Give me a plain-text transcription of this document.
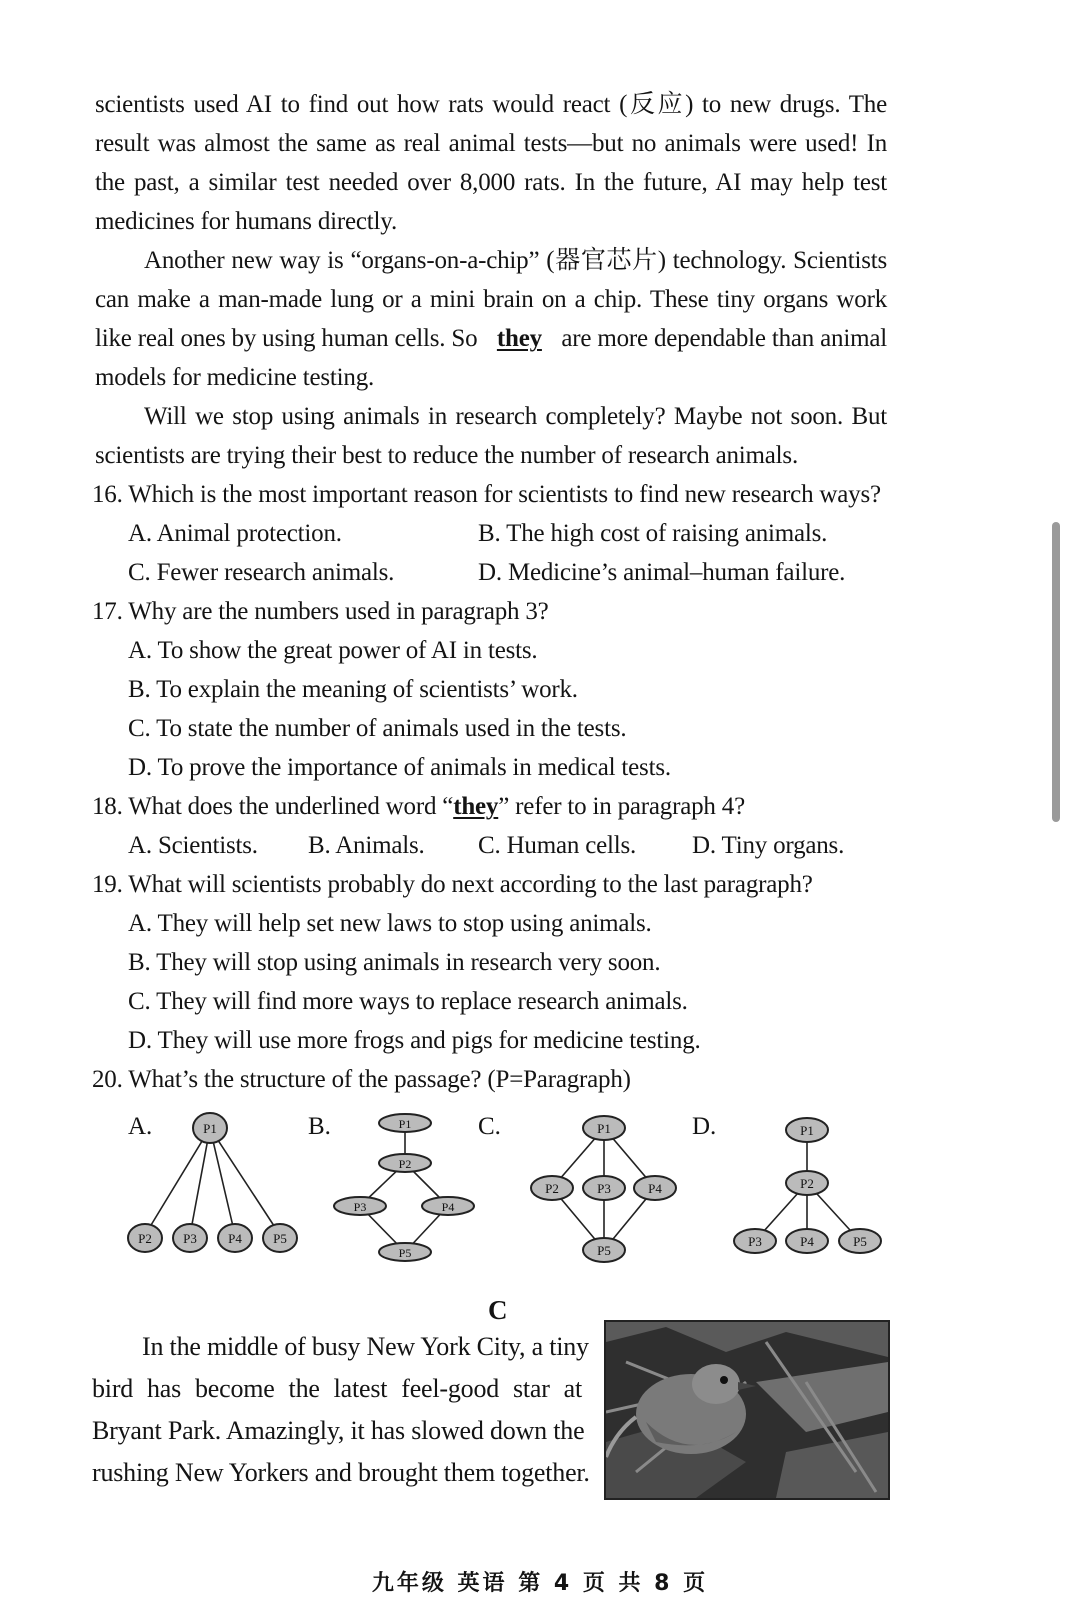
scientists used AI to find out how rats would react (反应) to new drugs. The
result was almost the same as real animal tests—but no animals were used! In
the past, a similar test needed over 8,000 rats. In the future, AI may help test
medicines for humans directly.
Another new way is “organs-on-a-chip” (器官芯片) technology. Scientists
can make a man-made lung or a mini brain on a chip. These tiny organs work
like real ones by using human cells. So they are more dependable than animal
models for medicine testing.
Will we stop using animals in research completely? Maybe not soon. But
scientists are trying their best to reduce the number of research animals.
16. Which is the most important reason for scientists to find new research ways?
A. Animal protection.	B. The high cost of raising animals.
C. Fewer research animals.	D. Medicine’s animal–human failure.
17. Why are the numbers used in paragraph 3?
A. To show the great power of AI in tests.
B. To explain the meaning of scientists’ work.
C. To state the number of animals used in the tests.
D. To prove the importance of animals in medical tests.
18. What does the underlined word “they” refer to in paragraph 4?
A. Scientists. B. Animals. C. Human cells. D. Tiny organs.
19. What will scientists probably do next according to the last paragraph?
A. They will help set new laws to stop using animals.
B. They will stop using animals in research very soon.
C. They will find more ways to replace research animals.
D. They will use more frogs and pigs for medicine testing.
20. What’s the structure of the passage? (P=Paragraph)
A.	B.	C.	D.
P1
P2 P3 P4 P5
P1
P2
P3	P4
P5
P1
P2	P3	P4
P5
P1
P2
P3	P4	P5
C
In the middle of busy New York City, a tiny
bird has become the latest feel-good star at
Bryant Park. Amazingly, it has slowed down the
rushing New Yorkers and brought them together.
九年级 英语 第 4 页 共 8 页
